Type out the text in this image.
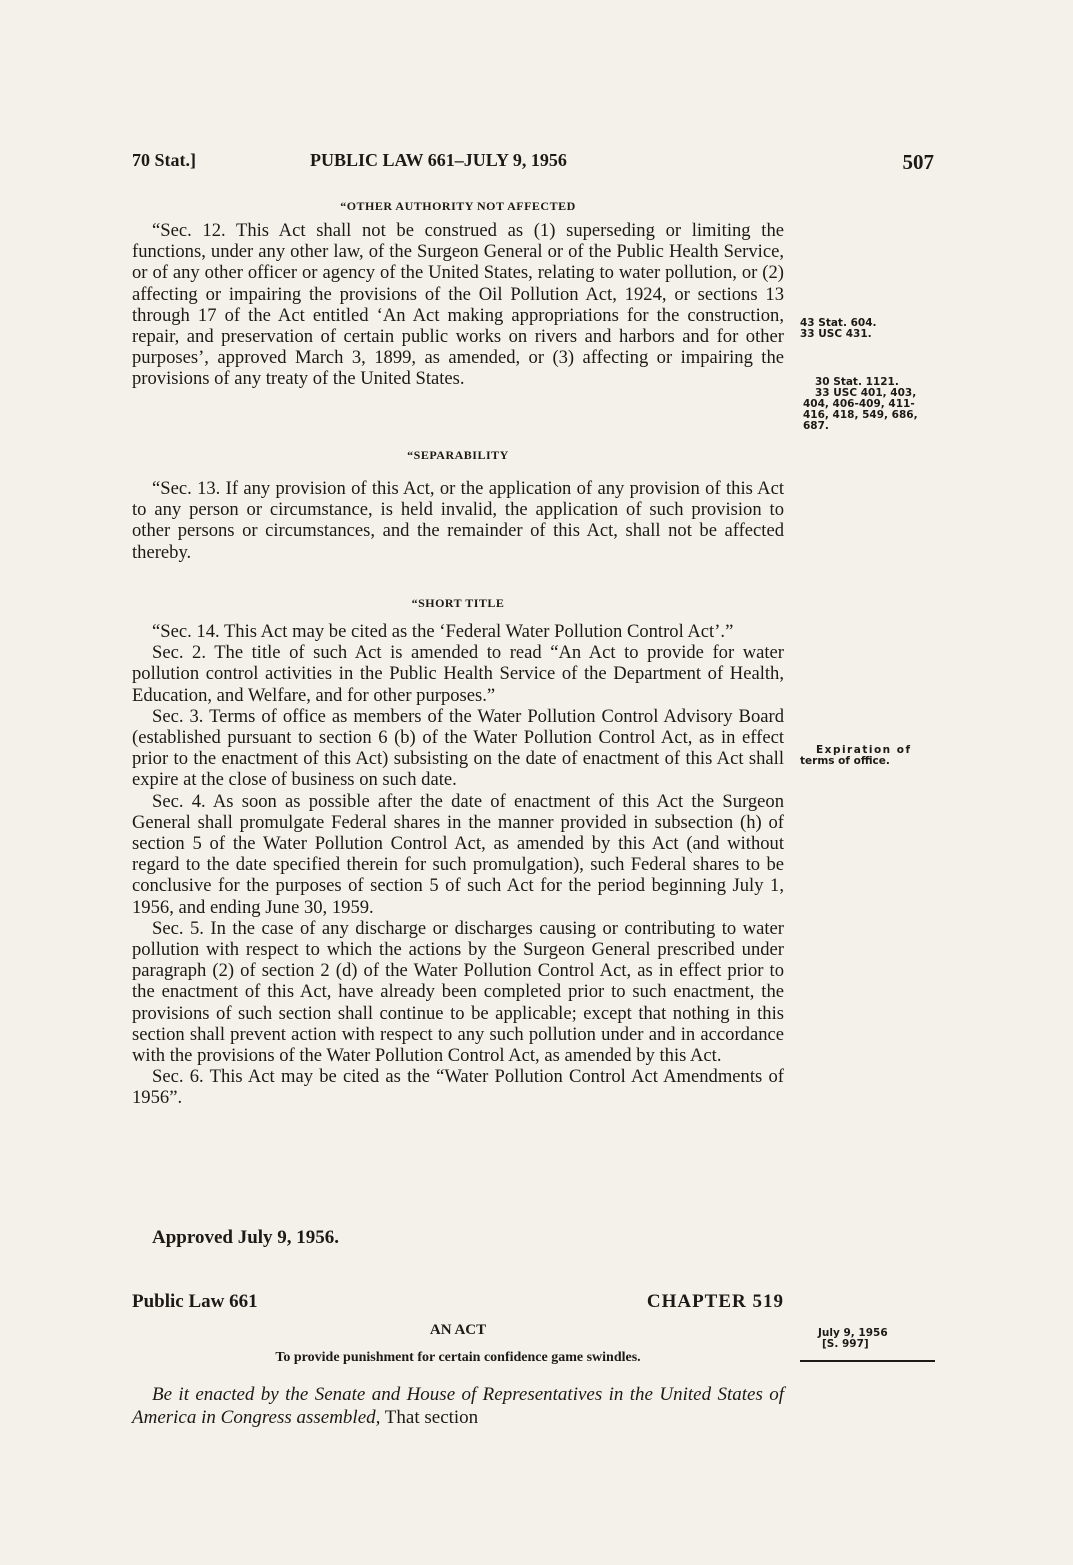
70 Stat.]	PUBLIC LAW 661–JULY 9, 1956	507
“OTHER AUTHORITY NOT AFFECTED

“Sec. 12. This Act shall not be construed as (1) superseding or limiting the functions, under any other law, of the Surgeon General or of the Public Health Service, or of any other officer or agency of the United States, relating to water pollution, or (2) affecting or impairing the provisions of the Oil Pollution Act, 1924, or sections 13 through 17 of the Act entitled ‘An Act making appropriations for the construction, repair, and preservation of certain public works on rivers and harbors and for other purposes’, approved March 3, 1899, as amended, or (3) affecting or impairing the provisions of any treaty of the United States.

“SEPARABILITY

“Sec. 13. If any provision of this Act, or the application of any provision of this Act to any person or circumstance, is held invalid, the application of such provision to other persons or circumstances, and the remainder of this Act, shall not be affected thereby.

“SHORT TITLE

“Sec. 14. This Act may be cited as the ‘Federal Water Pollution Control Act’.”

Sec. 2. The title of such Act is amended to read “An Act to provide for water pollution control activities in the Public Health Service of the Department of Health, Education, and Welfare, and for other purposes.”

Sec. 3. Terms of office as members of the Water Pollution Control Advisory Board (established pursuant to section 6 (b) of the Water Pollution Control Act, as in effect prior to the enactment of this Act) subsisting on the date of enactment of this Act shall expire at the close of business on such date.

Sec. 4. As soon as possible after the date of enactment of this Act the Surgeon General shall promulgate Federal shares in the manner provided in subsection (h) of section 5 of the Water Pollution Control Act, as amended by this Act (and without regard to the date specified therein for such promulgation), such Federal shares to be conclusive for the purposes of section 5 of such Act for the period beginning July 1, 1956, and ending June 30, 1959.

Sec. 5. In the case of any discharge or discharges causing or contributing to water pollution with respect to which the actions by the Surgeon General prescribed under paragraph (2) of section 2 (d) of the Water Pollution Control Act, as in effect prior to the enactment of this Act, have already been completed prior to such enactment, the provisions of such section shall continue to be applicable; except that nothing in this section shall prevent action with respect to any such pollution under and in accordance with the provisions of the Water Pollution Control Act, as amended by this Act.

Sec. 6. This Act may be cited as the “Water Pollution Control Act Amendments of 1956”.

Approved July 9, 1956.
43 Stat. 604.
33 USC 431.
30 Stat. 1121.
33 USC 401, 403,
404, 406-409, 411-
416, 418, 549, 686,
687.
Expiration of
terms of office.
July 9, 1956
[S. 997]
Public Law 661	CHAPTER 519
AN ACT
To provide punishment for certain confidence game swindles.
Be it enacted by the Senate and House of Representatives in the United States of America in Congress assembled, That section
